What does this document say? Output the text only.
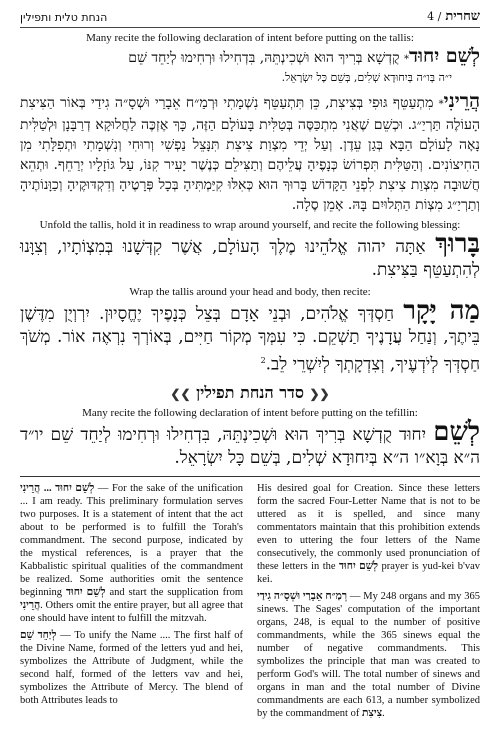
הנחת טלית ותפילין	4 / שחרית
Many recite the following declaration of intent before putting on the tallis:
לְשֵׁם יִחוּד* קֻדְשָׁא בְּרִיךְ הוּא וּשְׁכִינְתֵּהּ, בִּדְחִילוּ וּרְחִימוּ לְיַחֵד שֵׁם
י״ה בְּו״ה בְּיִחוּדָא שְׁלִים, בְּשֵׁם כָּל יִשְׂרָאֵל.
הֲרֵינִי* מִתְעַטֵּף גּוּפִי בְּצִיצִת, כֵּן תִּתְעַטֵּף נִשְׁמָתִי וּרְמַ״ח אֵבָרַי וּשְׁסָ״ה גִידַי בְּאוֹר הַצִּיצִת הָעוֹלֶה תַּרְיַ״ג. וּכְשֵׁם שֶׁאֲנִי מִתְכַּסֶּה בְּטַלִּית בָּעוֹלָם הַזֶּה, כָּךְ אֶזְכֶּה לַחֲלוּקָא דְרַבָּנָן וּלְטַלִּית נָאָה לָעוֹלָם הַבָּא בְּגַן עֵדֶן. וְעַל יְדֵי מִצְוַת צִיצִת תִּנָּצֵל נַפְשִׁי וְרוּחִי וְנִשְׁמָתִי וּתְפִלָּתִי מִן הַחִיצוֹנִים. וְהַטַּלִּית תִּפְרוֹשׂ כְּנָפֶיהָ עֲלֵיהֶם וְתַצִּילֵם כְּנֶשֶׁר יָעִיר קִנּוֹ, עַל גּוֹזָלָיו יְרַחֵף. וּתְהֵא חֲשׁוּבָה מִצְוַת צִיצִת לִפְנֵי הַקָּדוֹשׁ בָּרוּךְ הוּא כְּאִלּוּ קִיַּמְתִּיהָ בְּכָל פְּרָטֶיהָ וְדִקְדּוּקֶיהָ וְכַוָּנוֹתֶיהָ וְתַרְיַ״ג מִצְוֹת הַתְּלוּיִם בָּהּ. אָמֵן סֶלָה.
Unfold the tallis, hold it in readiness to wrap around yourself, and recite the following blessing:
בָּרוּךְ אַתָּה יהוה אֱלֹהֵינוּ מֶלֶךְ הָעוֹלָם, אֲשֶׁר קִדְּשָׁנוּ בְּמִצְוֹתָיו, וְצִוָּנוּ לְהִתְעַטֵּף בַּצִּיצִת.
Wrap the tallis around your head and body, then recite:
מַה יָּקָר חַסְדְּךָ אֱלֹהִים, וּבְנֵי אָדָם בְּצֵל כְּנָפֶיךָ יֶחֱסָיוּן. יִרְוְיֻן מִדֶּשֶׁן בֵּיתֶךָ, וְנַחַל עֲדָנֶיךָ תַשְׁקֵם. כִּי עִמְּךָ מְקוֹר חַיִּים, בְּאוֹרְךָ נִרְאֶה אוֹר. מְשֹׁךְ חַסְדְּךָ לְיֹדְעֶיךָ, וְצִדְקָתְךָ לְיִשְׁרֵי לֵב.$^2$
❮❮ סדר הנחת תפילין ❯❯
Many recite the following declaration of intent before putting on the tefillin:
לְשֵׁם יִחוּד קֻדְשָׁא בְּרִיךְ הוּא וּשְׁכִינְתֵּהּ, בִּדְחִילוּ וּרְחִימוּ לְיַחֵד שֵׁם יו״ד ה״א בְּוָא״ו ה״א בְּיִחוּדָא שְׁלִים, בְּשֵׁם כָּל יִשְׂרָאֵל.

לְשֵׁם יִחוּד ... הֲרֵינִי — For the sake of the unification ... I am ready. This preliminary formulation serves two purposes. It is a statement of intent that the act about to be performed is to fulfill the Torah's commandment. The second purpose, indicated by the mystical references, is a prayer that the Kabbalistic spiritual qualities of the commandment be realized. Some authorities omit the sentence beginning לְשֵׁם יִחוּד and start the supplication from הֲרֵינִי. Others omit the entire prayer, but all agree that one should have intent to fulfill the mitzvah.

לְיַחֵד שֵׁם — To unify the Name .... The first half of the Divine Name, formed of the letters yud and hei, symbolizes the Attribute of Judgment, while the second half, formed of the letters vav and hei, symbolizes the Attribute of Mercy. The blend of both Attributes leads to

His desired goal for Creation. Since these letters form the sacred Four-Letter Name that is not to be uttered as it is spelled, and since many commentators maintain that this prohibition extends even to uttering the four letters of the Name consecutively, the commonly used pronunciation of these letters in the לְשֵׁם יִחוּד prayer is yud-kei b'vav kei.

רְמַ״ח אֵבָרַי וּשְׁסָ״ה גִידַי — My 248 organs and my 365 sinews. The Sages' computation of the important organs, 248, is equal to the number of positive commandments, while the 365 sinews equal the number of negative commandments. This symbolizes the principle that man was created to perform God's will. The total number of sinews and organs in man and the total number of Divine commandments are each 613, a number symbolized by the commandment of צִיצִת.
